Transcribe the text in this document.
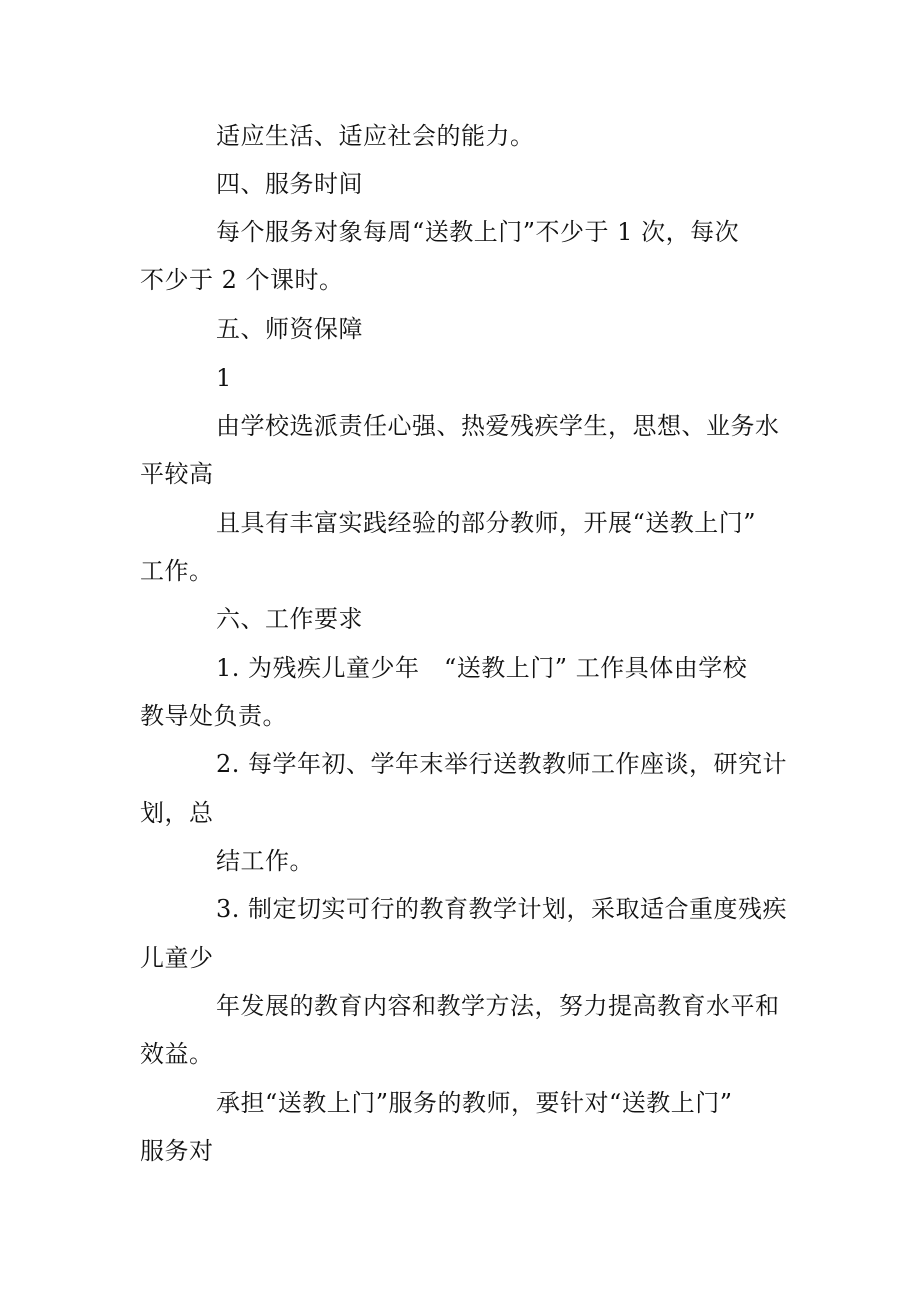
适应生活、适应社会的能力。
四、服务时间
每个服务对象每周“送教上门”不少于 1 次，每次
不少于 2 个课时。
五、师资保障
1
由学校选派责任心强、热爱残疾学生，思想、业务水
平较高
且具有丰富实践经验的部分教师，开展“送教上门”
工作。
六、工作要求
1. 为残疾儿童少年　“送教上门” 工作具体由学校
教导处负责。
2. 每学年初、学年末举行送教教师工作座谈，研究计
划，总
结工作。
3. 制定切实可行的教育教学计划，采取适合重度残疾
儿童少
年发展的教育内容和教学方法，努力提高教育水平和
效益。
承担“送教上门”服务的教师，要针对“送教上门”
服务对
